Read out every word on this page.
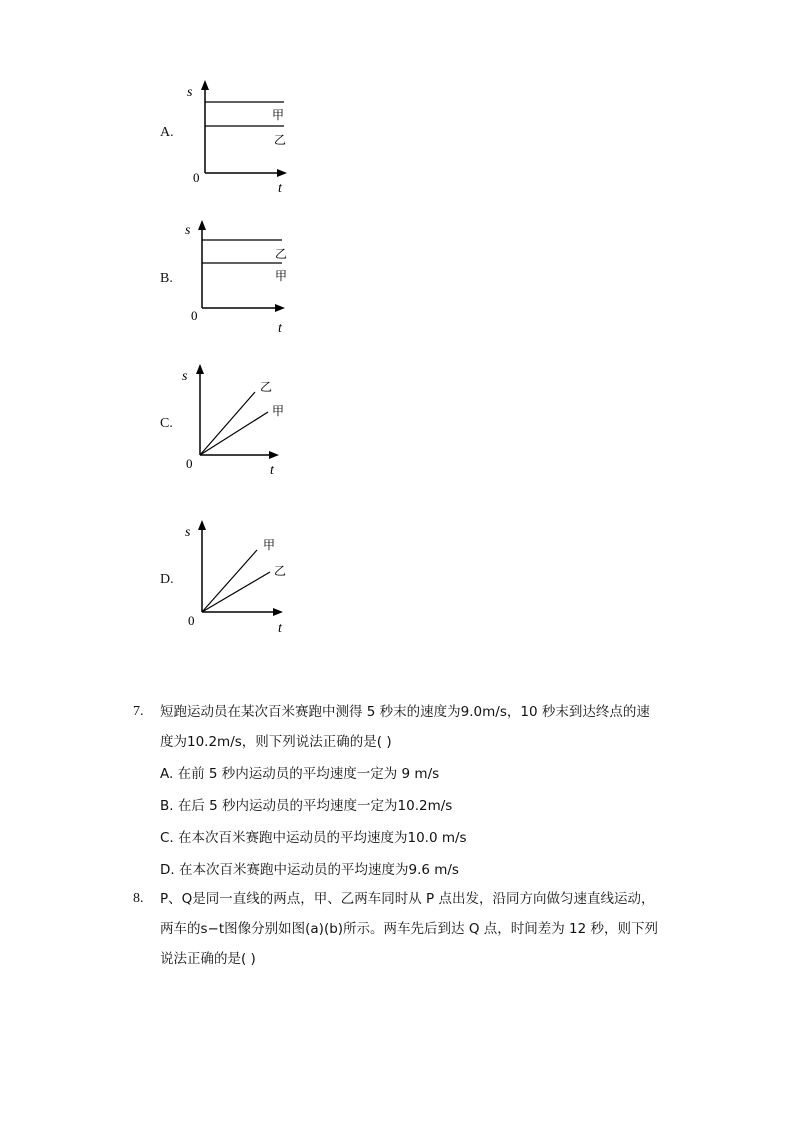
A.
s
t
0
甲
乙
B.
s
t
0
乙
甲
C.
s
t
0
乙
甲
D.
s
t
0
甲
乙
7. 短跑运动员在某次百米赛跑中测得 5 秒末的速度为9.0m/s，10 秒末到达终点的速
度为10.2m/s，则下列说法正确的是( )
A. 在前 5 秒内运动员的平均速度一定为 9 m/s
B. 在后 5 秒内运动员的平均速度一定为10.2m/s
C. 在本次百米赛跑中运动员的平均速度为10.0 m/s
D. 在本次百米赛跑中运动员的平均速度为9.6 m/s
8. P、Q是同一直线的两点，甲、乙两车同时从 P 点出发，沿同方向做匀速直线运动，
两车的s−t图像分别如图(a)(b)所示。两车先后到达 Q 点，时间差为 12 秒，则下列
说法正确的是( )
